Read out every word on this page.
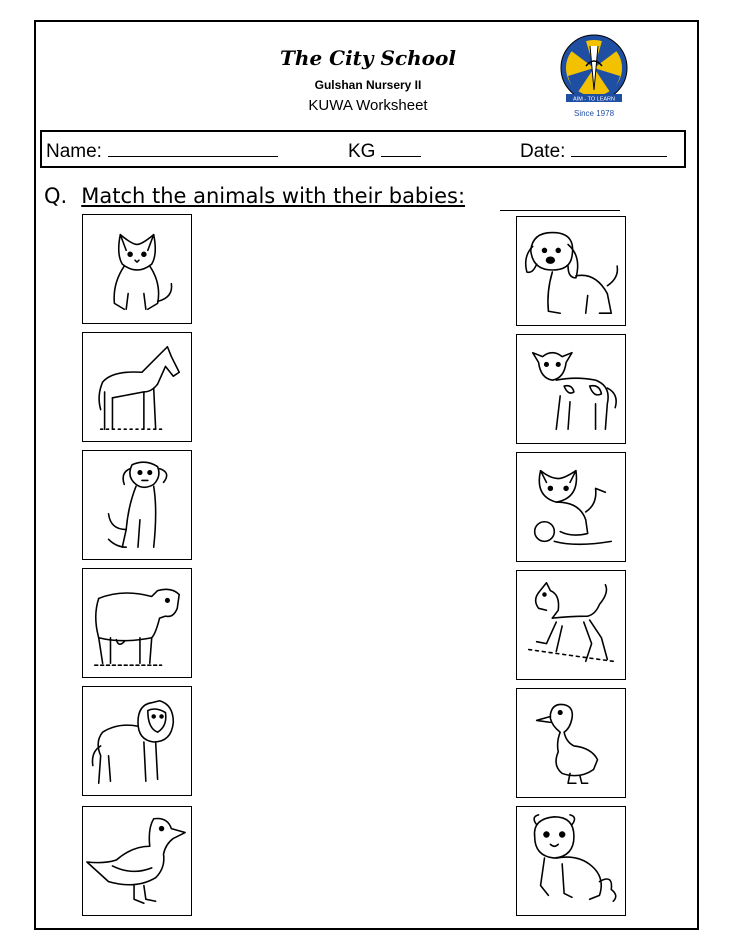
The City School
Gulshan Nursery II
KUWA Worksheet	AIM - TO LEARN
Since 1978
Name:	KG	Date:
Q. Match the animals with their babies:
